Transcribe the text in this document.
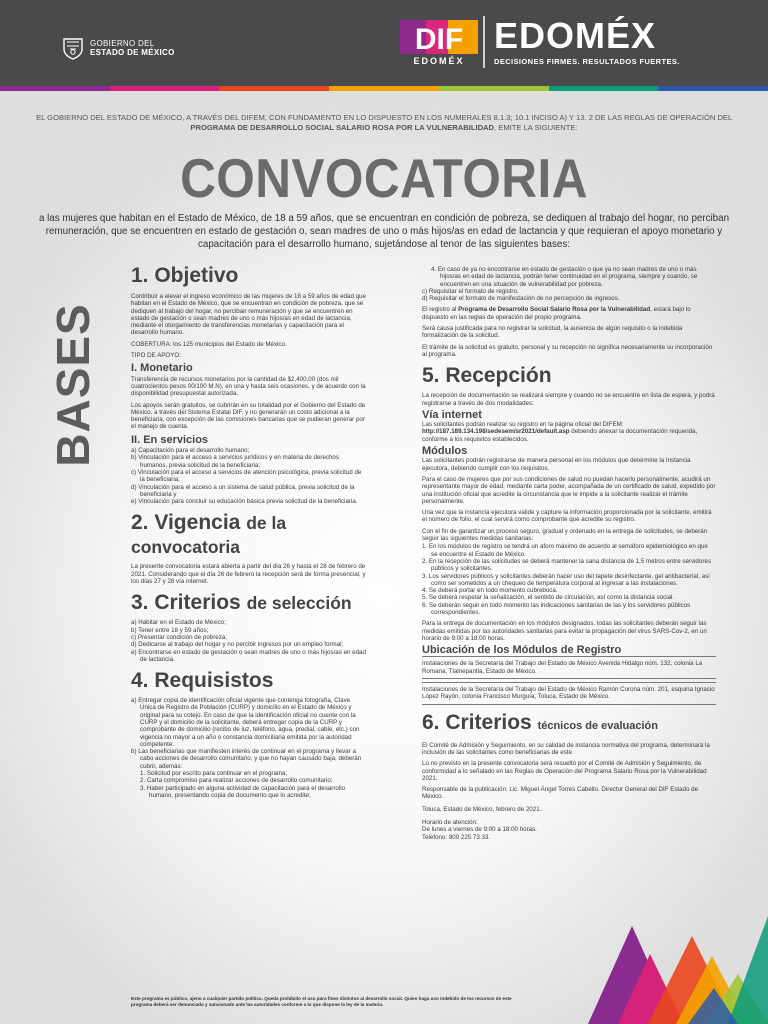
GOBIERNO DEL
ESTADO DE MÉXICO	DIF
EDOMÉX
EDOMÉX
DECISIONES FIRMES. RESULTADOS FUERTES.
EL GOBIERNO DEL ESTADO DE MÉXICO, A TRAVÉS DEL DIFEM, CON FUNDAMENTO EN LO DISPUESTO EN LOS NUMERALES 8.1.3; 10.1 INCISO A) Y 13. 2 DE LAS REGLAS DE OPERACIÓN DEL PROGRAMA DE DESARROLLO SOCIAL SALARIO ROSA POR LA VULNERABILIDAD, EMITE LA SIGUIENTE:
CONVOCATORIA
a las mujeres que habitan en el Estado de México, de 18 a 59 años, que se encuentran en condición de pobreza, se dediquen al trabajo del hogar, no perciban remuneración, que se encuentren en estado de gestación o, sean madres de uno o más hijos/as en edad de lactancia y que requieran el apoyo monetario y capacitación para el desarrollo humano, sujetándose al tenor de las siguientes bases:
BASES
1. Objetivo

Contribuir a elevar el ingreso económico de las mujeres de 18 a 59 años de edad que habitan en el Estado de México, que se encuentran en condición de pobreza, que se dediquen al trabajo del hogar, no perciban remuneración y que se encuentren en estado de gestación o sean madres de uno o más hijos/as en edad de lactancia, mediante el otorgamiento de transferencias monetarias y capacitación para el desarrollo humano.

COBERTURA: los 125 municipios del Estado de México.

TIPO DE APOYO:

I. Monetario

Transferencia de recursos monetarios por la cantidad de $2,400.00 (dos mil cuatrocientos pesos 00/100 M.N), en una y hasta seis ocasiones, y de acuerdo con la disponibilidad presupuestal autorizada.

Los apoyos serán gratuitos, se cubrirán en su totalidad por el Gobierno del Estado de México, a través del Sistema Estatal DIF, y no generarán un costo adicional a la beneficiaria, con excepción de las comisiones bancarias que se pudieran generar por el manejo de cuenta.

II. En servicios
a) Capacitación para el desarrollo humano;
b) Vinculación para el acceso a servicios jurídicos y en materia de derechos humanos, previa solicitud de la beneficiaria;
c) Vinculación para el acceso a servicios de atención psicológica, previa solicitud de la beneficiaria;
d) Vinculación para el acceso a un sistema de salud pública, previa solicitud de la beneficiaria y
e) Vinculación para concluir su educación básica previa solicitud de la beneficiaria.
2. Vigencia de la convocatoria

La presente convocatoria estará abierta a partir del día 26 y hasta el 28 de febrero de 2021. Considerando que el día 26 de febrero la recepción será de forma presencial, y los días 27 y 28 vía internet.

3. Criterios de selección
a) Habitar en el Estado de México;
b) Tener entre 18 y 59 años;
c) Presentar condición de pobreza;
d) Dedicarse al trabajo del hogar y no percibir ingresos por un empleo formal;
e) Encontrarse en estado de gestación o sean madres de uno o más hijos/as en edad de lactancia.
4. Requisistos
a) Entregar copia de identificación oficial vigente que contenga fotografía, Clave Única de Registro de Población (CURP) y domicilio en el Estado de México y original para su cotejo. En caso de que la identificación oficial no cuente con la CURP y el domicilio de la solicitante, deberá entregar copia de la CURP y comprobante de domicilio (recibo de luz, teléfono, agua, predial, cable, etc.) con vigencia no mayor a un año o constancia domiciliaria emitida por la autoridad competente.
b) Las beneficiarias que manifiesten interés de continuar en el programa y llevar a cabo acciones de desarrollo comunitario, y que no hayan causado baja, deberán cubrir, además:
1. Solicitud por escrito para continuar en el programa;
2. Carta compromiso para realizar acciones de desarrollo comunitario;
3. Haber participado en alguna actividad de capacitación para el desarrollo humano, presentando copia de documento que lo acredite;
4. En caso de ya no encontrarse en estado de gestación o que ya no sean madres de uno o más hijos/as en edad de lactancia, podrán tener continuidad en el programa, siempre y cuando, se encuentren en una situación de vulnerabilidad por pobreza.
c) Requisitar el formato de registro.
d) Requisitar el formato de manifestación de no percepción de ingresos.

El registro al Programa de Desarrollo Social Salario Rosa por la Vulnerabilidad, estará bajo lo dispuesto en las reglas de operación del propio programa.

Será causa justificada para no registrar la solicitud, la ausencia de algún requisito o la indebida formalización de la solicitud.

El trámite de la solicitud es gratuito, personal y su recepción no significa necesariamente su incorporación al programa.

5. Recepción

La recepción de documentación se realizará siempre y cuando no se encuentre en lista de espera, y podrá registrarse a través de dos modalidades:

Vía internet

Las solicitantes podrán realizar su registro en la página oficial del DIFEM: http://187.189.134.198/sedesem/sr2021/default.asp debiendo anexar la documentación requerida, conforme a los requisitos establecidos.

Módulos

Las solicitantes podrán registrarse de manera personal en los módulos que determine la Instancia ejecutora, debiendo cumplir con los requisitos.

Para el caso de mujeres que por sus condiciones de salud no puedan hacerlo personalmente, acudirá un representante mayor de edad, mediante carta poder, acompañada de un certificado de salud, expedido por una institución oficial que acredite la circunstancia que le impide a la solicitante realizar el trámite personalmente.

Una vez que la instancia ejecutora valide y capture la información proporcionada por la solicitante, emitirá el número de folio, el cual servirá como comprobante que acredite su registro.

Con el fin de garantizar un proceso seguro, gradual y ordenado en la entrega de solicitudes, se deberán seguir las siguientes medidas sanitarias:

1. En los módulos de registro se tendrá un aforo máximo de acuerdo al semáforo epidemiológico en que se encuentre el Estado de México.
2. En la recepción de las solicitudes se deberá mantener la sana distancia de 1.5 metros entre servidores públicos y solicitantes.
3. Los servidores públicos y solicitantes deberán hacer uso del tapete desinfectante, gel antibacterial, así como ser sometidos a un chequeo de temperatura corporal al ingresar a las instalaciones.
4. Se deberá portar en todo momento cubrebocа.
5. Se deberá respetar la señalización, el sentido de circulación, así como la distancia social.
6. Se deberán seguir en todo momento las indicaciones sanitarias de las y los servidores públicos correspondientes.

Para la entrega de documentación en los módulos designados, todas las solicitantes deberán seguir las medidas emitidas por las autoridades sanitarias para evitar la propagación del virus SARS-Cov-2, en un horario de 9:00 a 18:00 horas.

Ubicación de los Módulos de Registro
Instalaciones de la Secretaría del Trabajo del Estado de México Avenida Hidalgo núm. 132, colonia La Romana, Tlalnepantla, Estado de México.
Instalaciones de la Secretaría del Trabajo del Estado de México Ramón Corona núm. 201, esquina Ignacio López Rayón, colonia Francisco Murguía, Toluca, Estado de México.
6. Criterios técnicos de evaluación

El Comité de Admisión y Seguimiento, en su calidad de instancia normativa del programa, determinará la inclusión de las solicitantes como beneficiarias de este.

Lo no previsto en la presente convocatoria será resuelto por el Comité de Admisión y Seguimiento, de conformidad a lo señalado en las Reglas de Operación del Programa Salario Rosa por la Vulnerabilidad 2021.

Responsable de la publicación: Lic. Miguel Ángel Torres Cabello. Director General del DIF Estado de México.

Toluca, Estado de México, febrero de 2021.

Horario de atención:
De lunes a viernes de 9:00 a 18:00 horas.
Teléfono: 800 225 73 33.
Este programa es público, ajeno a cualquier partido político. Queda prohibido el uso para fines distintos al desarrollo social. Quien haga uso indebido de los recursos de este programa deberá ser denunciado y sancionado ante las autoridades conforme a lo que dispone la ley de la materia.
